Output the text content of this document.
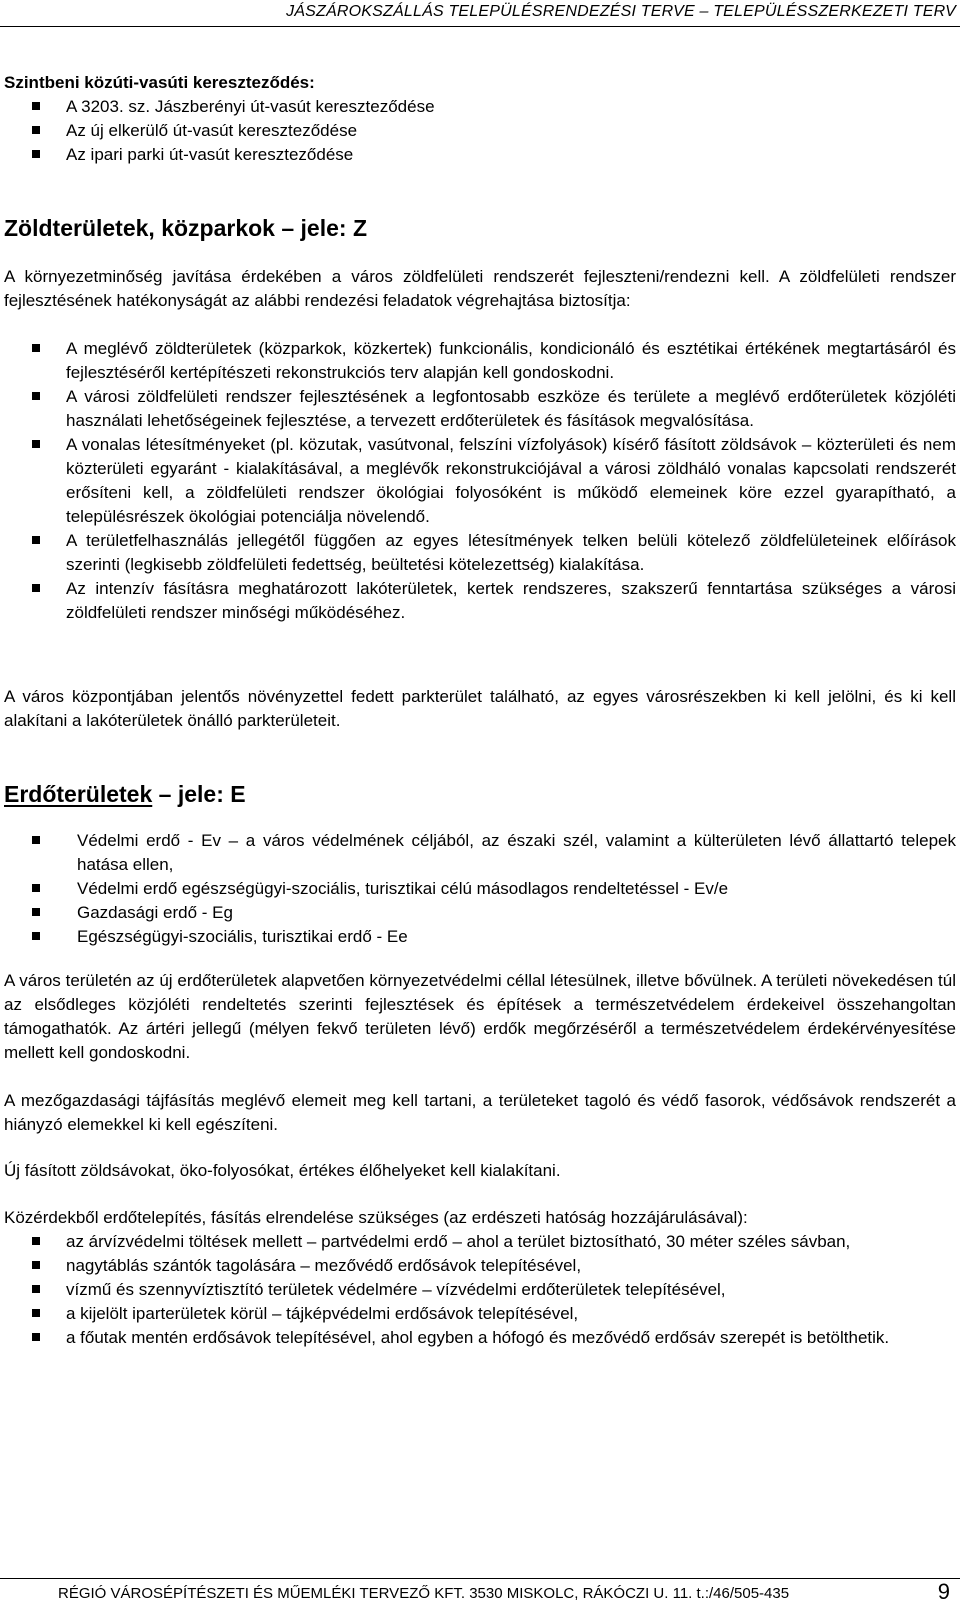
JÁSZÁROKSZÁLLÁS TELEPÜLÉSRENDEZÉSI TERVE – TELEPÜLÉSSZERKEZETI TERV
Szintbeni közúti-vasúti kereszteződés:
A 3203. sz. Jászberényi út-vasút kereszteződése
Az új elkerülő út-vasút kereszteződése
Az ipari parki út-vasút kereszteződése
Zöldterületek, közparkok – jele: Z
A környezetminőség javítása érdekében a város zöldfelületi rendszerét fejleszteni/rendezni kell. A zöldfelületi rendszer fejlesztésének hatékonyságát az alábbi rendezési feladatok végrehajtása biztosítja:
A meglévő zöldterületek (közparkok, közkertek) funkcionális, kondicionáló és esztétikai értékének megtartásáról és fejlesztéséről kertépítészeti rekonstrukciós terv alapján kell gondoskodni.
A városi zöldfelületi rendszer fejlesztésének a legfontosabb eszköze és területe a meglévő erdőterületek közjóléti használati lehetőségeinek fejlesztése, a tervezett erdőterületek és fásítások megvalósítása.
A vonalas létesítményeket (pl. közutak, vasútvonal, felszíni vízfolyások) kísérő fásított zöldsávok – közterületi és nem közterületi egyaránt - kialakításával, a meglévők rekonstrukciójával a városi zöldháló vonalas kapcsolati rendszerét erősíteni kell, a zöldfelületi rendszer ökológiai folyosóként is működő elemeinek köre ezzel gyarapítható, a településrészek ökológiai potenciálja növelendő.
A területfelhasználás jellegétől függően az egyes létesítmények telken belüli kötelező zöldfelületeinek előírások szerinti (legkisebb zöldfelületi fedettség, beültetési kötelezettség) kialakítása.
Az intenzív fásításra meghatározott lakóterületek, kertek rendszeres, szakszerű fenntartása szükséges a városi zöldfelületi rendszer minőségi működéséhez.
A város központjában jelentős növényzettel fedett parkterület található, az egyes városrészekben ki kell jelölni, és ki kell alakítani a lakóterületek önálló parkterületeit.
Erdőterületek – jele: E
Védelmi erdő - Ev – a város védelmének céljából, az északi szél, valamint a külterületen lévő állattartó telepek hatása ellen,
Védelmi erdő egészségügyi-szociális, turisztikai célú másodlagos rendeltetéssel - Ev/e
Gazdasági erdő - Eg
Egészségügyi-szociális, turisztikai erdő - Ee
A város területén az új erdőterületek alapvetően környezetvédelmi céllal létesülnek, illetve bővülnek. A területi növekedésen túl az elsődleges közjóléti rendeltetés szerinti fejlesztések és építések a természetvédelem érdekeivel összehangoltan támogathatók. Az ártéri jellegű (mélyen fekvő területen lévő) erdők megőrzéséről a természetvédelem érdekérvényesítése mellett kell gondoskodni.
A mezőgazdasági tájfásítás meglévő elemeit meg kell tartani, a területeket tagoló és védő fasorok, védősávok rendszerét a hiányzó elemekkel ki kell egészíteni.
Új fásított zöldsávokat, öko-folyosókat, értékes élőhelyeket kell kialakítani.
Közérdekből erdőtelepítés, fásítás elrendelése szükséges (az erdészeti hatóság hozzájárulásával):
az árvízvédelmi töltések mellett – partvédelmi erdő – ahol a terület biztosítható, 30 méter széles sávban,
nagytáblás szántók tagolására – mezővédő erdősávok telepítésével,
vízmű és szennyvíztisztító területek védelmére – vízvédelmi erdőterületek telepítésével,
a kijelölt iparterületek körül – tájképvédelmi erdősávok telepítésével,
a főutak mentén erdősávok telepítésével, ahol egyben a hófogó és mezővédő erdősáv szerepét is betölthetik.
RÉGIÓ VÁROSÉPÍTÉSZETI ÉS MŰEMLÉKI TERVEZŐ KFT. 3530 MISKOLC, RÁKÓCZI U. 11. t.:/46/505-435	9
